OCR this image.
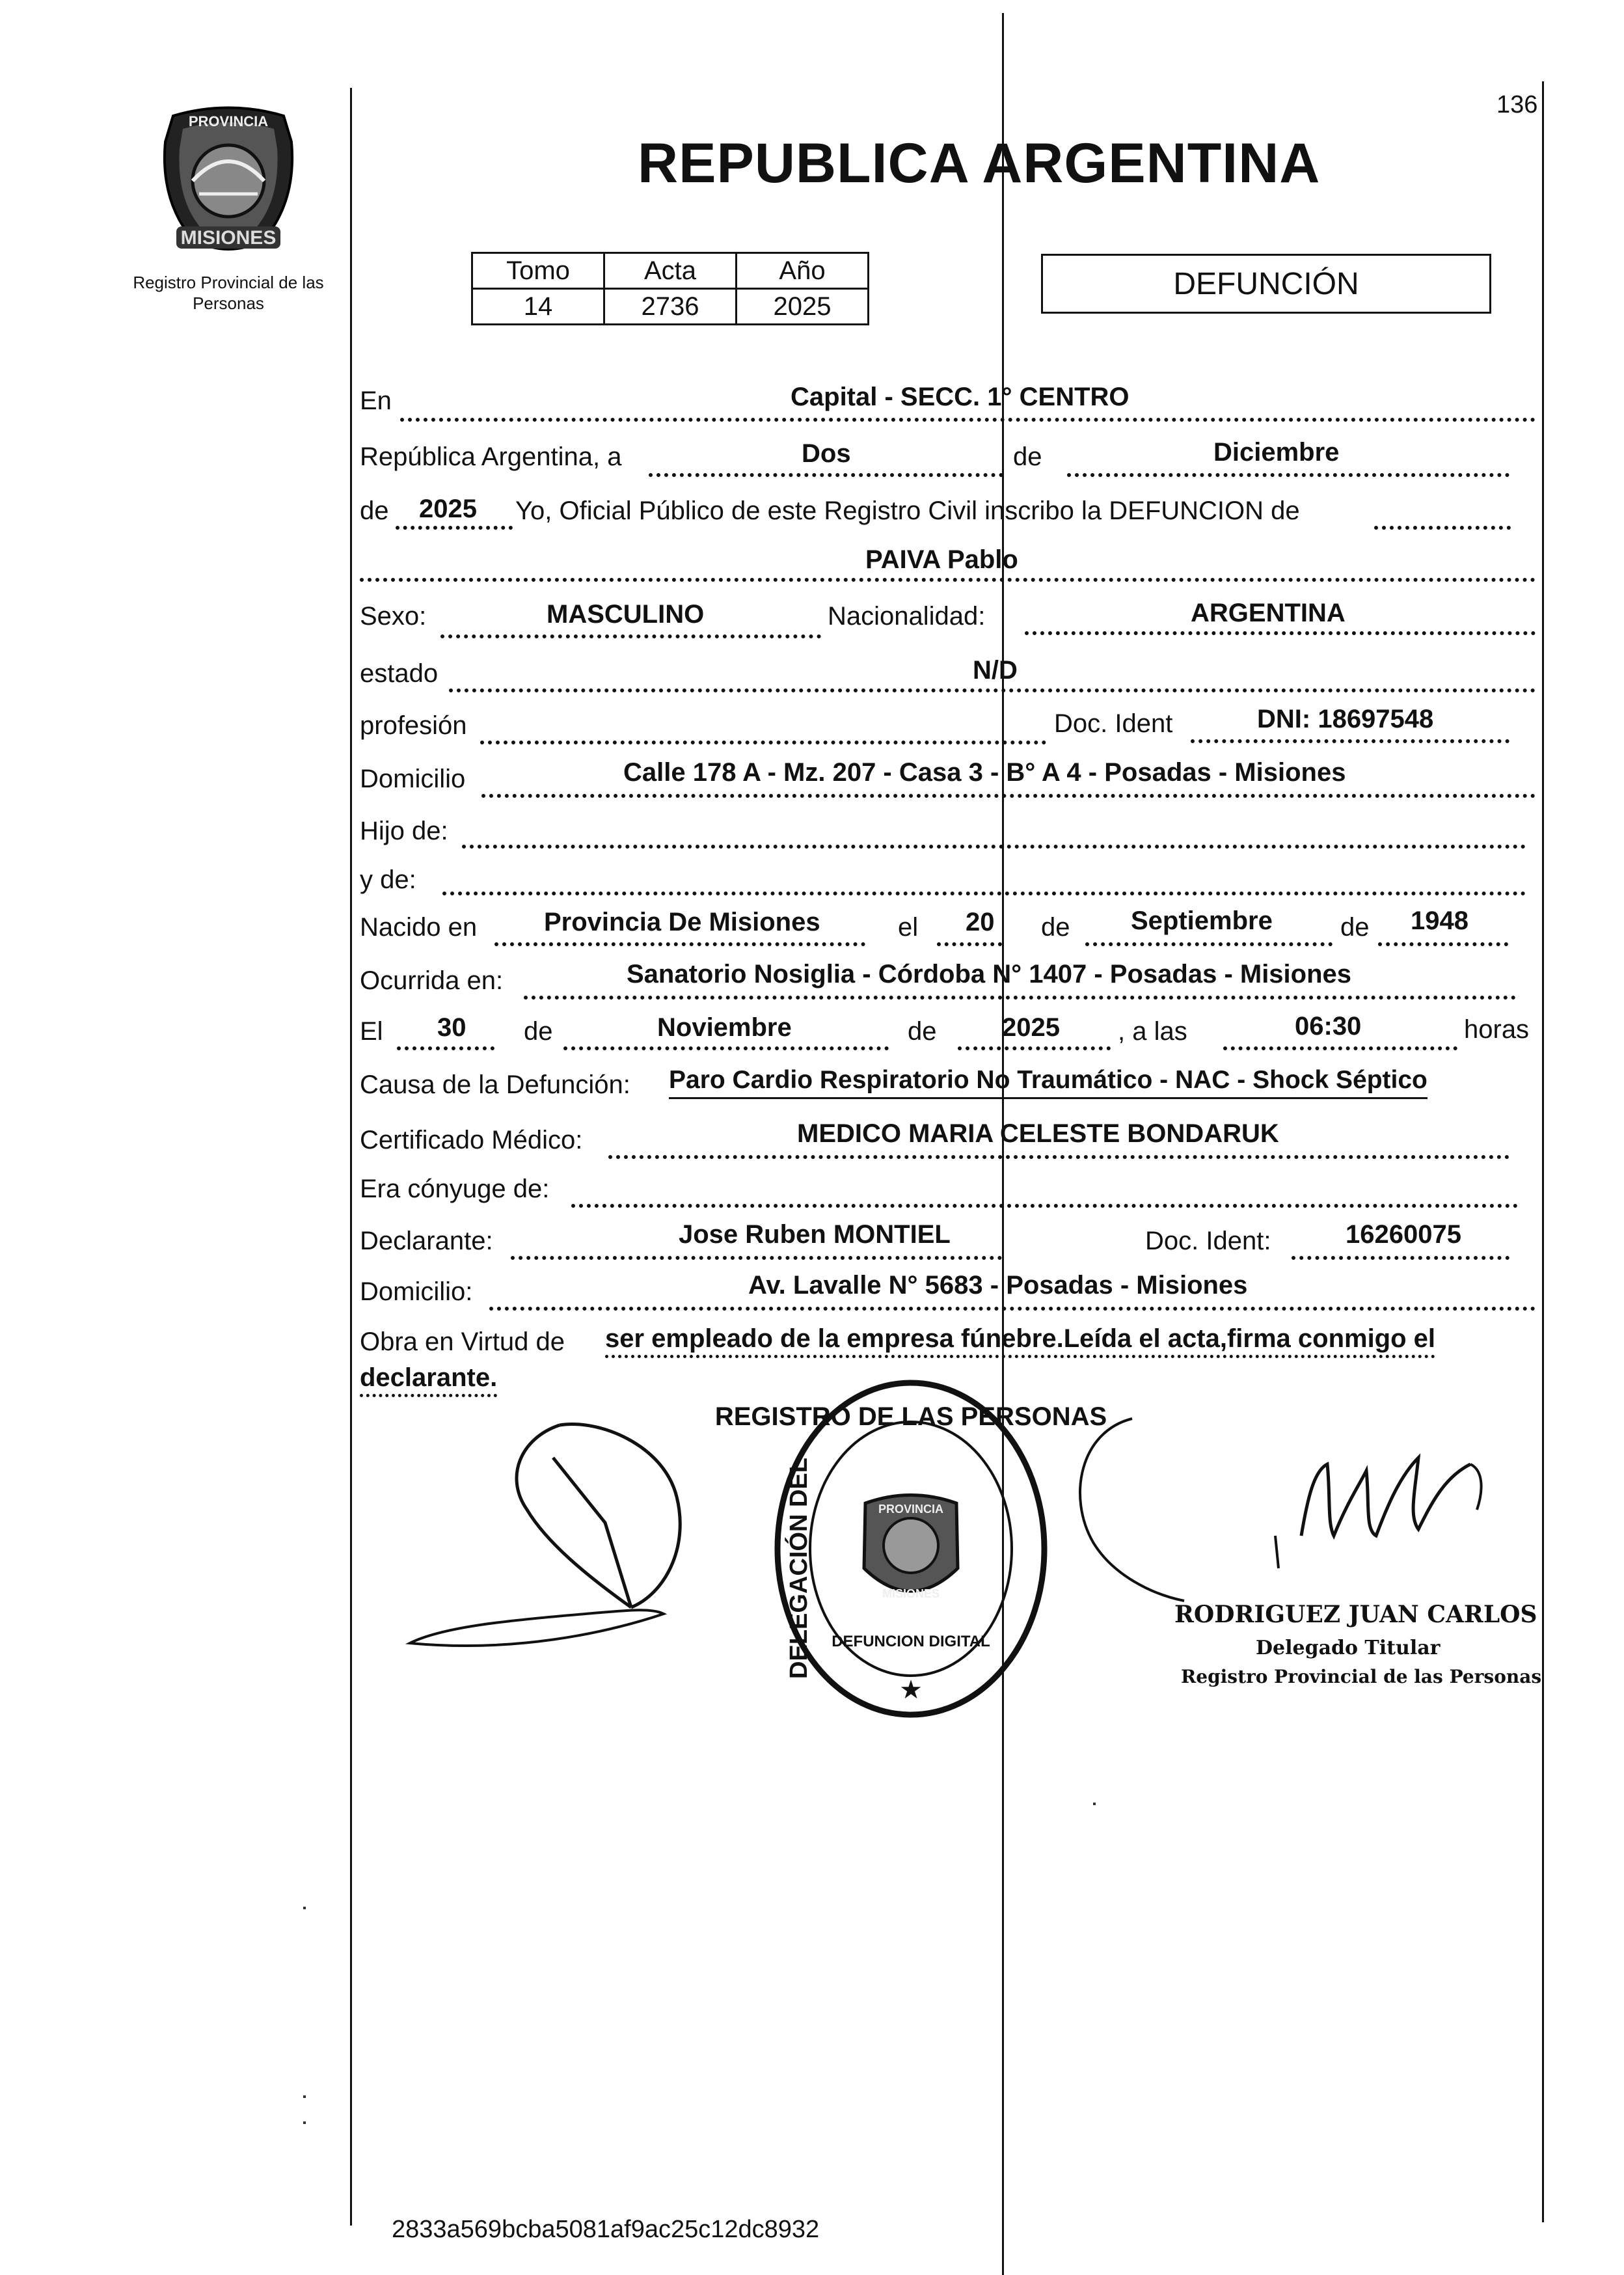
136
MISIONES
PROVINCIA
Registro Provincial de las Personas
REPUBLICA ARGENTINA
Tomo	Acta	Año
14	2736	2025
DEFUNCIÓN
En	Capital - SECC. 1° CENTRO
República Argentina, a	Dos	de	Diciembre
de 2025 Yo, Oficial Público de este Registro Civil inscribo la DEFUNCION de
PAIVA Pablo
Sexo:	MASCULINO	Nacionalidad:	ARGENTINA
estado	N/D
profesión	Doc. Ident	DNI: 18697548
Domicilio	Calle 178 A - Mz. 207 - Casa 3 - B° A 4 - Posadas - Misiones
Hijo de:
y de:
Nacido en	Provincia De Misiones	el 20 de Septiembre	de 1948
Ocurrida en:	Sanatorio Nosiglia - Córdoba N° 1407 - Posadas - Misiones
El 30 de	Noviembre	de	2025 , a las	06:30	horas
Causa de la Defunción: Paro Cardio Respiratorio No Traumático - NAC - Shock Séptico
Certificado Médico:	MEDICO MARIA CELESTE BONDARUK
Era cónyuge de:
Declarante:	Jose Ruben MONTIEL	Doc. Ident:	16260075
Domicilio:	Av. Lavalle N° 5683 - Posadas - Misiones
Obra en Virtud de ser empleado de la empresa fúnebre.Leída el acta,firma conmigo el
declarante.
REGISTRO DE LAS PERSONAS
DELEGACIÓN DEL DEFUNCION DIGITAL
PROVINCIA
MISIONES
★
RODRIGUEZ JUAN CARLOS
Delegado Titular
Registro Provincial de las Personas
2833a569bcba5081af9ac25c12dc8932
